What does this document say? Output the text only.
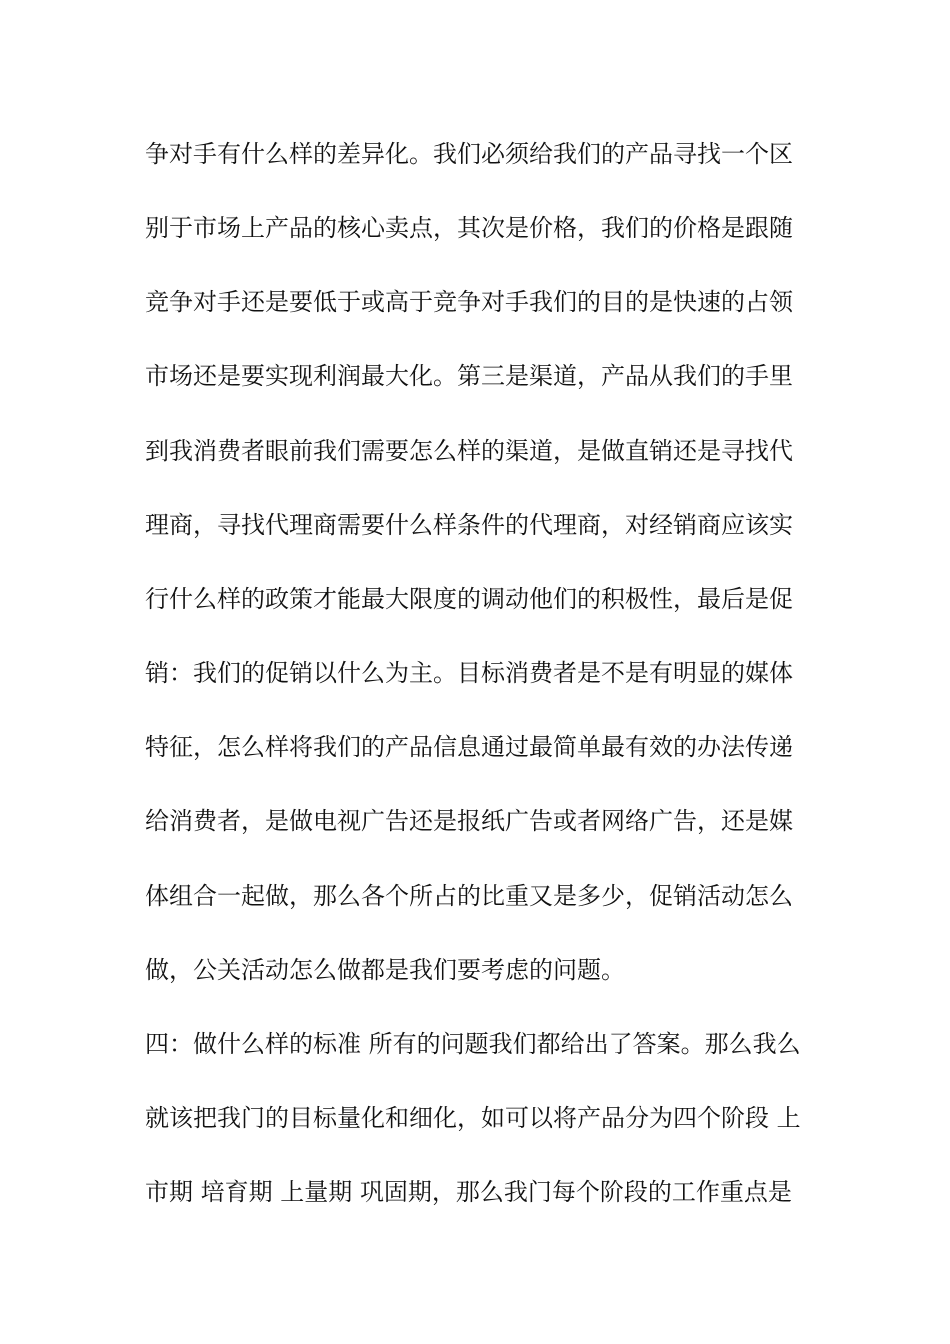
争对手有什么样的差异化。我们必须给我们的产品寻找一个区
别于市场上产品的核心卖点，其次是价格，我们的价格是跟随
竞争对手还是要低于或高于竞争对手我们的目的是快速的占领
市场还是要实现利润最大化。第三是渠道，产品从我们的手里
到我消费者眼前我们需要怎么样的渠道，是做直销还是寻找代
理商，寻找代理商需要什么样条件的代理商，对经销商应该实
行什么样的政策才能最大限度的调动他们的积极性，最后是促
销：我们的促销以什么为主。目标消费者是不是有明显的媒体
特征，怎么样将我们的产品信息通过最简单最有效的办法传递
给消费者，是做电视广告还是报纸广告或者网络广告，还是媒
体组合一起做，那么各个所占的比重又是多少，促销活动怎么
做，公关活动怎么做都是我们要考虑的问题。
四：做什么样的标准 所有的问题我们都给出了答案。那么我么
就该把我门的目标量化和细化，如可以将产品分为四个阶段 上
市期 培育期 上量期 巩固期，那么我门每个阶段的工作重点是
